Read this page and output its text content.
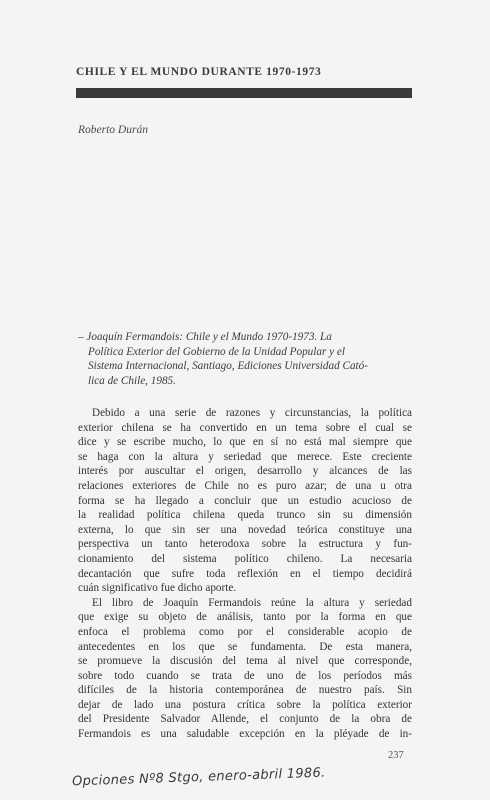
CHILE Y EL MUNDO DURANTE 1970-1973
Roberto Durán
– Joaquín Fermandois: Chile y el Mundo 1970-1973. La
Política Exterior del Gobierno de la Unidad Popular y el
Sistema Internacional, Santiago, Ediciones Universidad Cató-
lica de Chile, 1985.

Debido a una serie de razones y circunstancias, la política
exterior chilena se ha convertido en un tema sobre el cual se
dice y se escribe mucho, lo que en sí no está mal siempre que
se haga con la altura y seriedad que merece. Este creciente
interés por auscultar el origen, desarrollo y alcances de las
relaciones exteriores de Chile no es puro azar; de una u otra
forma se ha llegado a concluir que un estudio acucioso de
la realidad política chilena queda trunco sin su dimensión
externa, lo que sin ser una novedad teórica constituye una
perspectiva un tanto heterodoxa sobre la estructura y fun-
cionamiento del sistema político chileno. La necesaria
decantación que sufre toda reflexión en el tiempo decidirá
cuán significativo fue dicho aporte.

El libro de Joaquín Fermandois reúne la altura y seriedad
que exige su objeto de análisis, tanto por la forma en que
enfoca el problema como por el considerable acopio de
antecedentes en los que se fundamenta. De esta manera,
se promueve la discusión del tema al nivel que corresponde,
sobre todo cuando se trata de uno de los períodos más
difíciles de la historia contemporánea de nuestro país. Sin
dejar de lado una postura crítica sobre la política exterior
del Presidente Salvador Allende, el conjunto de la obra de
Fermandois es una saludable excepción en la pléyade de in-

237
Opciones Nº8 Stgo, enero-abril 1986.
